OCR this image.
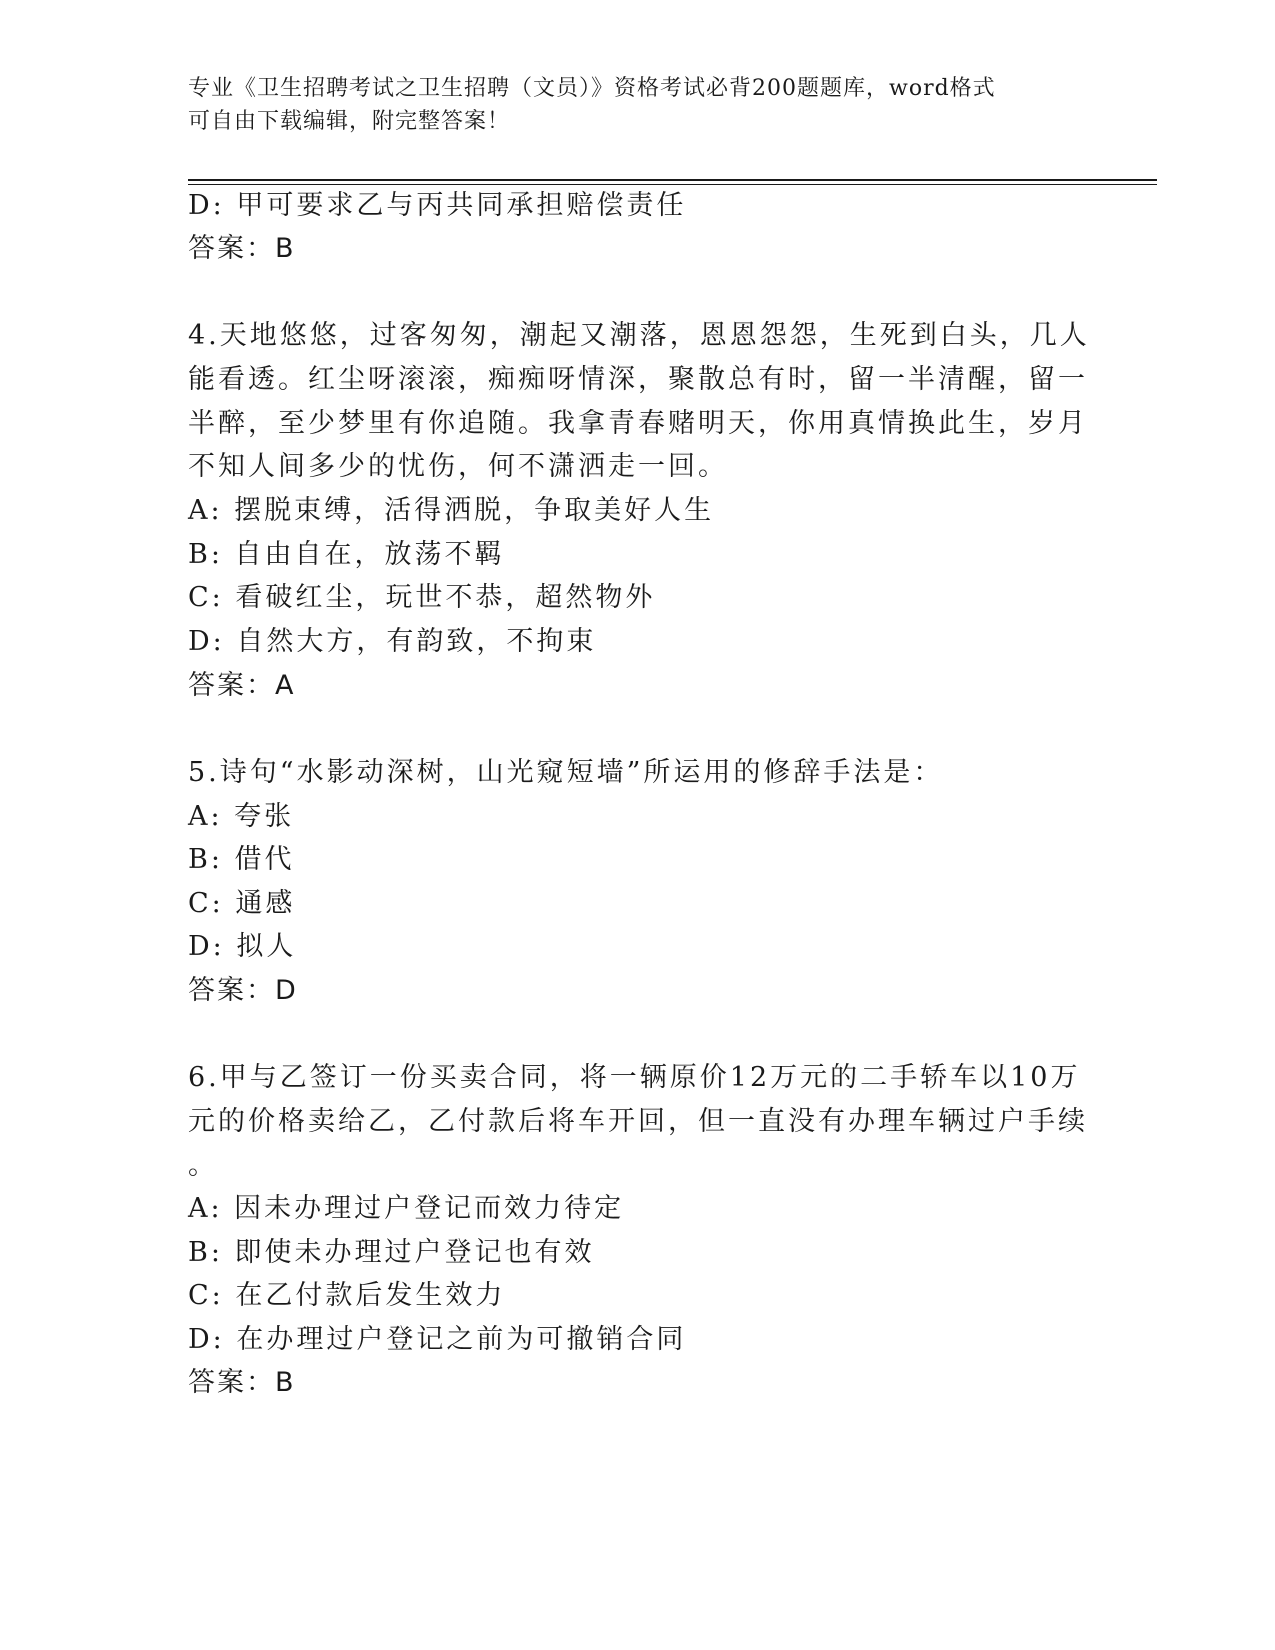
专业《卫生招聘考试之卫生招聘（文员）》资格考试必背200题题库，word格式
可自由下载编辑，附完整答案！
D: 甲可要求乙与丙共同承担赔偿责任
答案：B
4.天地悠悠，过客匆匆，潮起又潮落，恩恩怨怨，生死到白头，几人
能看透。红尘呀滚滚，痴痴呀情深，聚散总有时，留一半清醒，留一
半醉，至少梦里有你追随。我拿青春赌明天，你用真情换此生，岁月
不知人间多少的忧伤，何不潇洒走一回。
A: 摆脱束缚，活得洒脱，争取美好人生
B: 自由自在，放荡不羁
C: 看破红尘，玩世不恭，超然物外
D: 自然大方，有韵致，不拘束
答案：A
5.诗句“水影动深树，山光窥短墙”所运用的修辞手法是：
A: 夸张
B: 借代
C: 通感
D: 拟人
答案：D
6.甲与乙签订一份买卖合同，将一辆原价12万元的二手轿车以10万
元的价格卖给乙，乙付款后将车开回，但一直没有办理车辆过户手续
。
A: 因未办理过户登记而效力待定
B: 即使未办理过户登记也有效
C: 在乙付款后发生效力
D: 在办理过户登记之前为可撤销合同
答案：B
